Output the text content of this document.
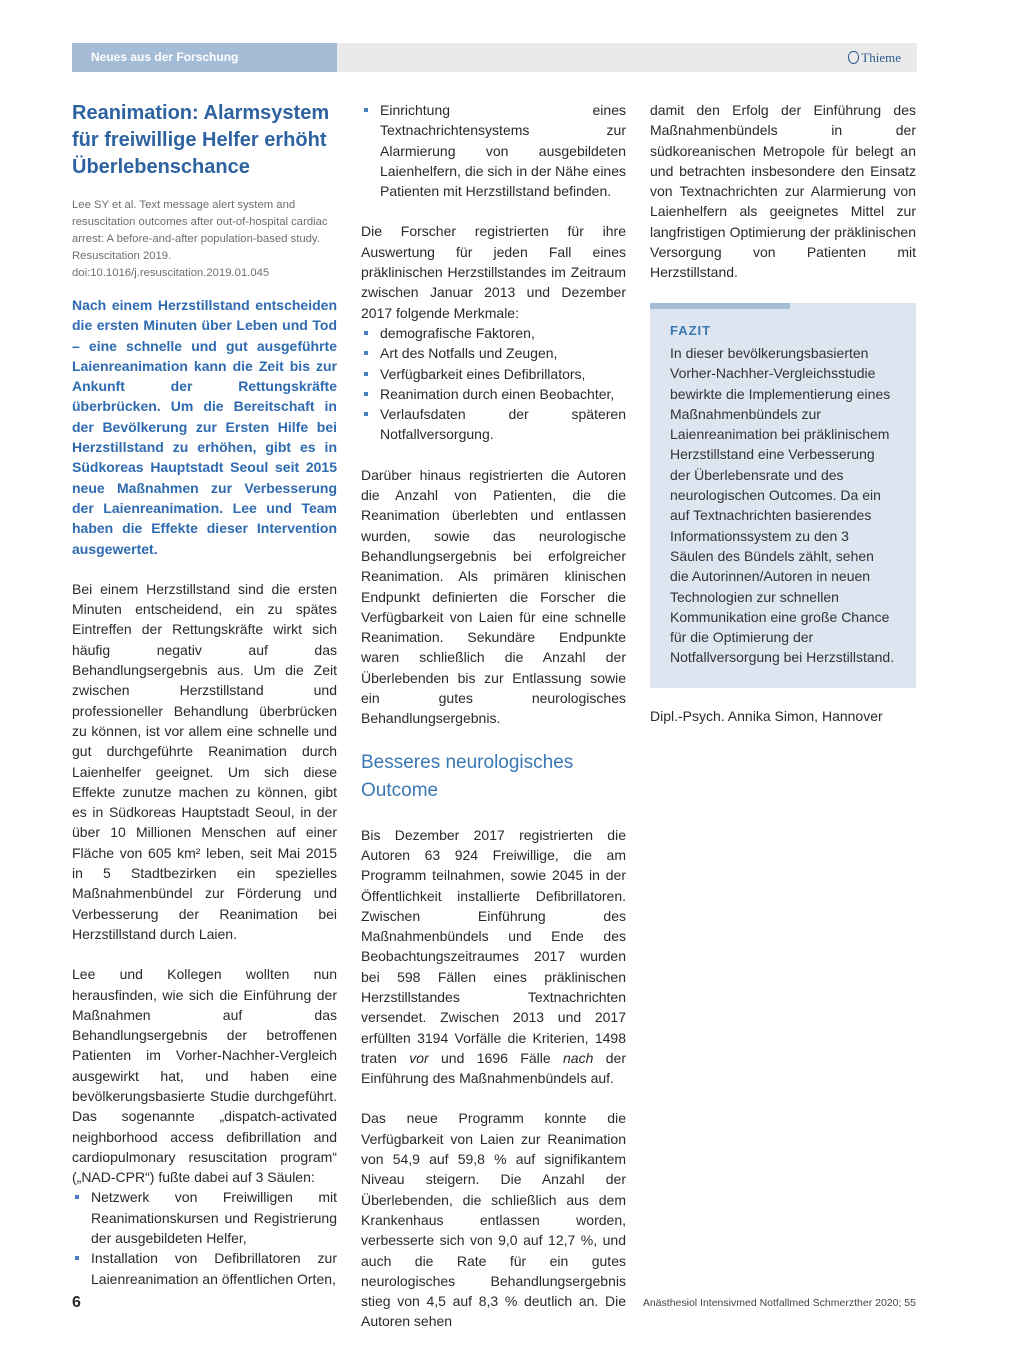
Neues aus der Forschung	Thieme
Reanimation: Alarmsystem für freiwillige Helfer erhöht Überlebenschance
Lee SY et al. Text message alert system and resuscitation outcomes after out-of-hospital cardiac arrest: A before-and-after population-based study. Resuscitation 2019. doi:10.1016/j.resuscitation.2019.01.045

Nach einem Herzstillstand entscheiden die ersten Minuten über Leben und Tod – eine schnelle und gut ausgeführte Laienreanimation kann die Zeit bis zur Ankunft der Rettungskräfte überbrücken. Um die Bereitschaft in der Bevölkerung zur Ersten Hilfe bei Herzstillstand zu erhöhen, gibt es in Südkoreas Hauptstadt Seoul seit 2015 neue Maßnahmen zur Verbesserung der Laienreanimation. Lee und Team haben die Effekte dieser Intervention ausgewertet.

Bei einem Herzstillstand sind die ersten Minuten entscheidend, ein zu spätes Eintreffen der Rettungskräfte wirkt sich häufig negativ auf das Behandlungsergebnis aus. Um die Zeit zwischen Herzstillstand und professioneller Behandlung überbrücken zu können, ist vor allem eine schnelle und gut durchgeführte Reanimation durch Laienhelfer geeignet. Um sich diese Effekte zunutze machen zu können, gibt es in Südkoreas Hauptstadt Seoul, in der über 10 Millionen Menschen auf einer Fläche von 605 km² leben, seit Mai 2015 in 5 Stadtbezirken ein spezielles Maßnahmenbündel zur Förderung und Verbesserung der Reanimation bei Herzstillstand durch Laien.

Lee und Kollegen wollten nun herausfinden, wie sich die Einführung der Maßnahmen auf das Behandlungsergebnis der betroffenen Patienten im Vorher-Nachher-Vergleich ausgewirkt hat, und haben eine bevölkerungsbasierte Studie durchgeführt. Das sogenannte „dispatch-activated neighborhood access defibrillation and cardiopulmonary resuscitation program“ („NAD-CPR“) fußte dabei auf 3 Säulen:

Netzwerk von Freiwilligen mit Reanimationskursen und Registrierung der ausgebildeten Helfer,
Installation von Defibrillatoren zur Laienreanimation an öffentlichen Orten,
Einrichtung eines Textnachrichtensystems zur Alarmierung von ausgebildeten Laienhelfern, die sich in der Nähe eines Patienten mit Herzstillstand befinden.

Die Forscher registrierten für ihre Auswertung für jeden Fall eines präklinischen Herzstillstandes im Zeitraum zwischen Januar 2013 und Dezember 2017 folgende Merkmale:

demografische Faktoren,
Art des Notfalls und Zeugen,
Verfügbarkeit eines Defibrillators,
Reanimation durch einen Beobachter,
Verlaufsdaten der späteren Notfallversorgung.

Darüber hinaus registrierten die Autoren die Anzahl von Patienten, die die Reanimation überlebten und entlassen wurden, sowie das neurologische Behandlungsergebnis bei erfolgreicher Reanimation. Als primären klinischen Endpunkt definierten die Forscher die Verfügbarkeit von Laien für eine schnelle Reanimation. Sekundäre Endpunkte waren schließlich die Anzahl der Überlebenden bis zur Entlassung sowie ein gutes neurologisches Behandlungsergebnis.

Besseres neurologisches Outcome

Bis Dezember 2017 registrierten die Autoren 63 924 Freiwillige, die am Programm teilnahmen, sowie 2045 in der Öffentlichkeit installierte Defibrillatoren. Zwischen Einführung des Maßnahmenbündels und Ende des Beobachtungszeitraumes 2017 wurden bei 598 Fällen eines präklinischen Herzstillstandes Textnachrichten versendet. Zwischen 2013 und 2017 erfüllten 3194 Vorfälle die Kriterien, 1498 traten vor und 1696 Fälle nach der Einführung des Maßnahmenbündels auf.

Das neue Programm konnte die Verfügbarkeit von Laien zur Reanimation von 54,9 auf 59,8 % auf signifikantem Niveau steigern. Die Anzahl der Überlebenden, die schließlich aus dem Krankenhaus entlassen worden, verbesserte sich von 9,0 auf 12,7 %, und auch die Rate für ein gutes neurologisches Behandlungsergebnis stieg von 4,5 auf 8,3 % deutlich an. Die Autoren sehen

damit den Erfolg der Einführung des Maßnahmenbündels in der südkoreanischen Metropole für belegt an und betrachten insbesondere den Einsatz von Textnachrichten zur Alarmierung von Laienhelfern als geeignetes Mittel zur langfristigen Optimierung der präklinischen Versorgung von Patienten mit Herzstillstand.

FAZIT
In dieser bevölkerungsbasierten Vorher-Nachher-Vergleichsstudie bewirkte die Implementierung eines Maßnahmenbündels zur Laienreanimation bei präklinischem Herzstillstand eine Verbesserung der Überlebensrate und des neurologischen Outcomes. Da ein auf Textnachrichten basierendes Informationssystem zu den 3 Säulen des Bündels zählt, sehen die Autorinnen/Autoren in neuen Technologien zur schnellen Kommunikation eine große Chance für die Optimierung der Notfallversorgung bei Herzstillstand.
Dipl.-Psych. Annika Simon, Hannover
6	Anästhesiol Intensivmed Notfallmed Schmerzther 2020; 55
